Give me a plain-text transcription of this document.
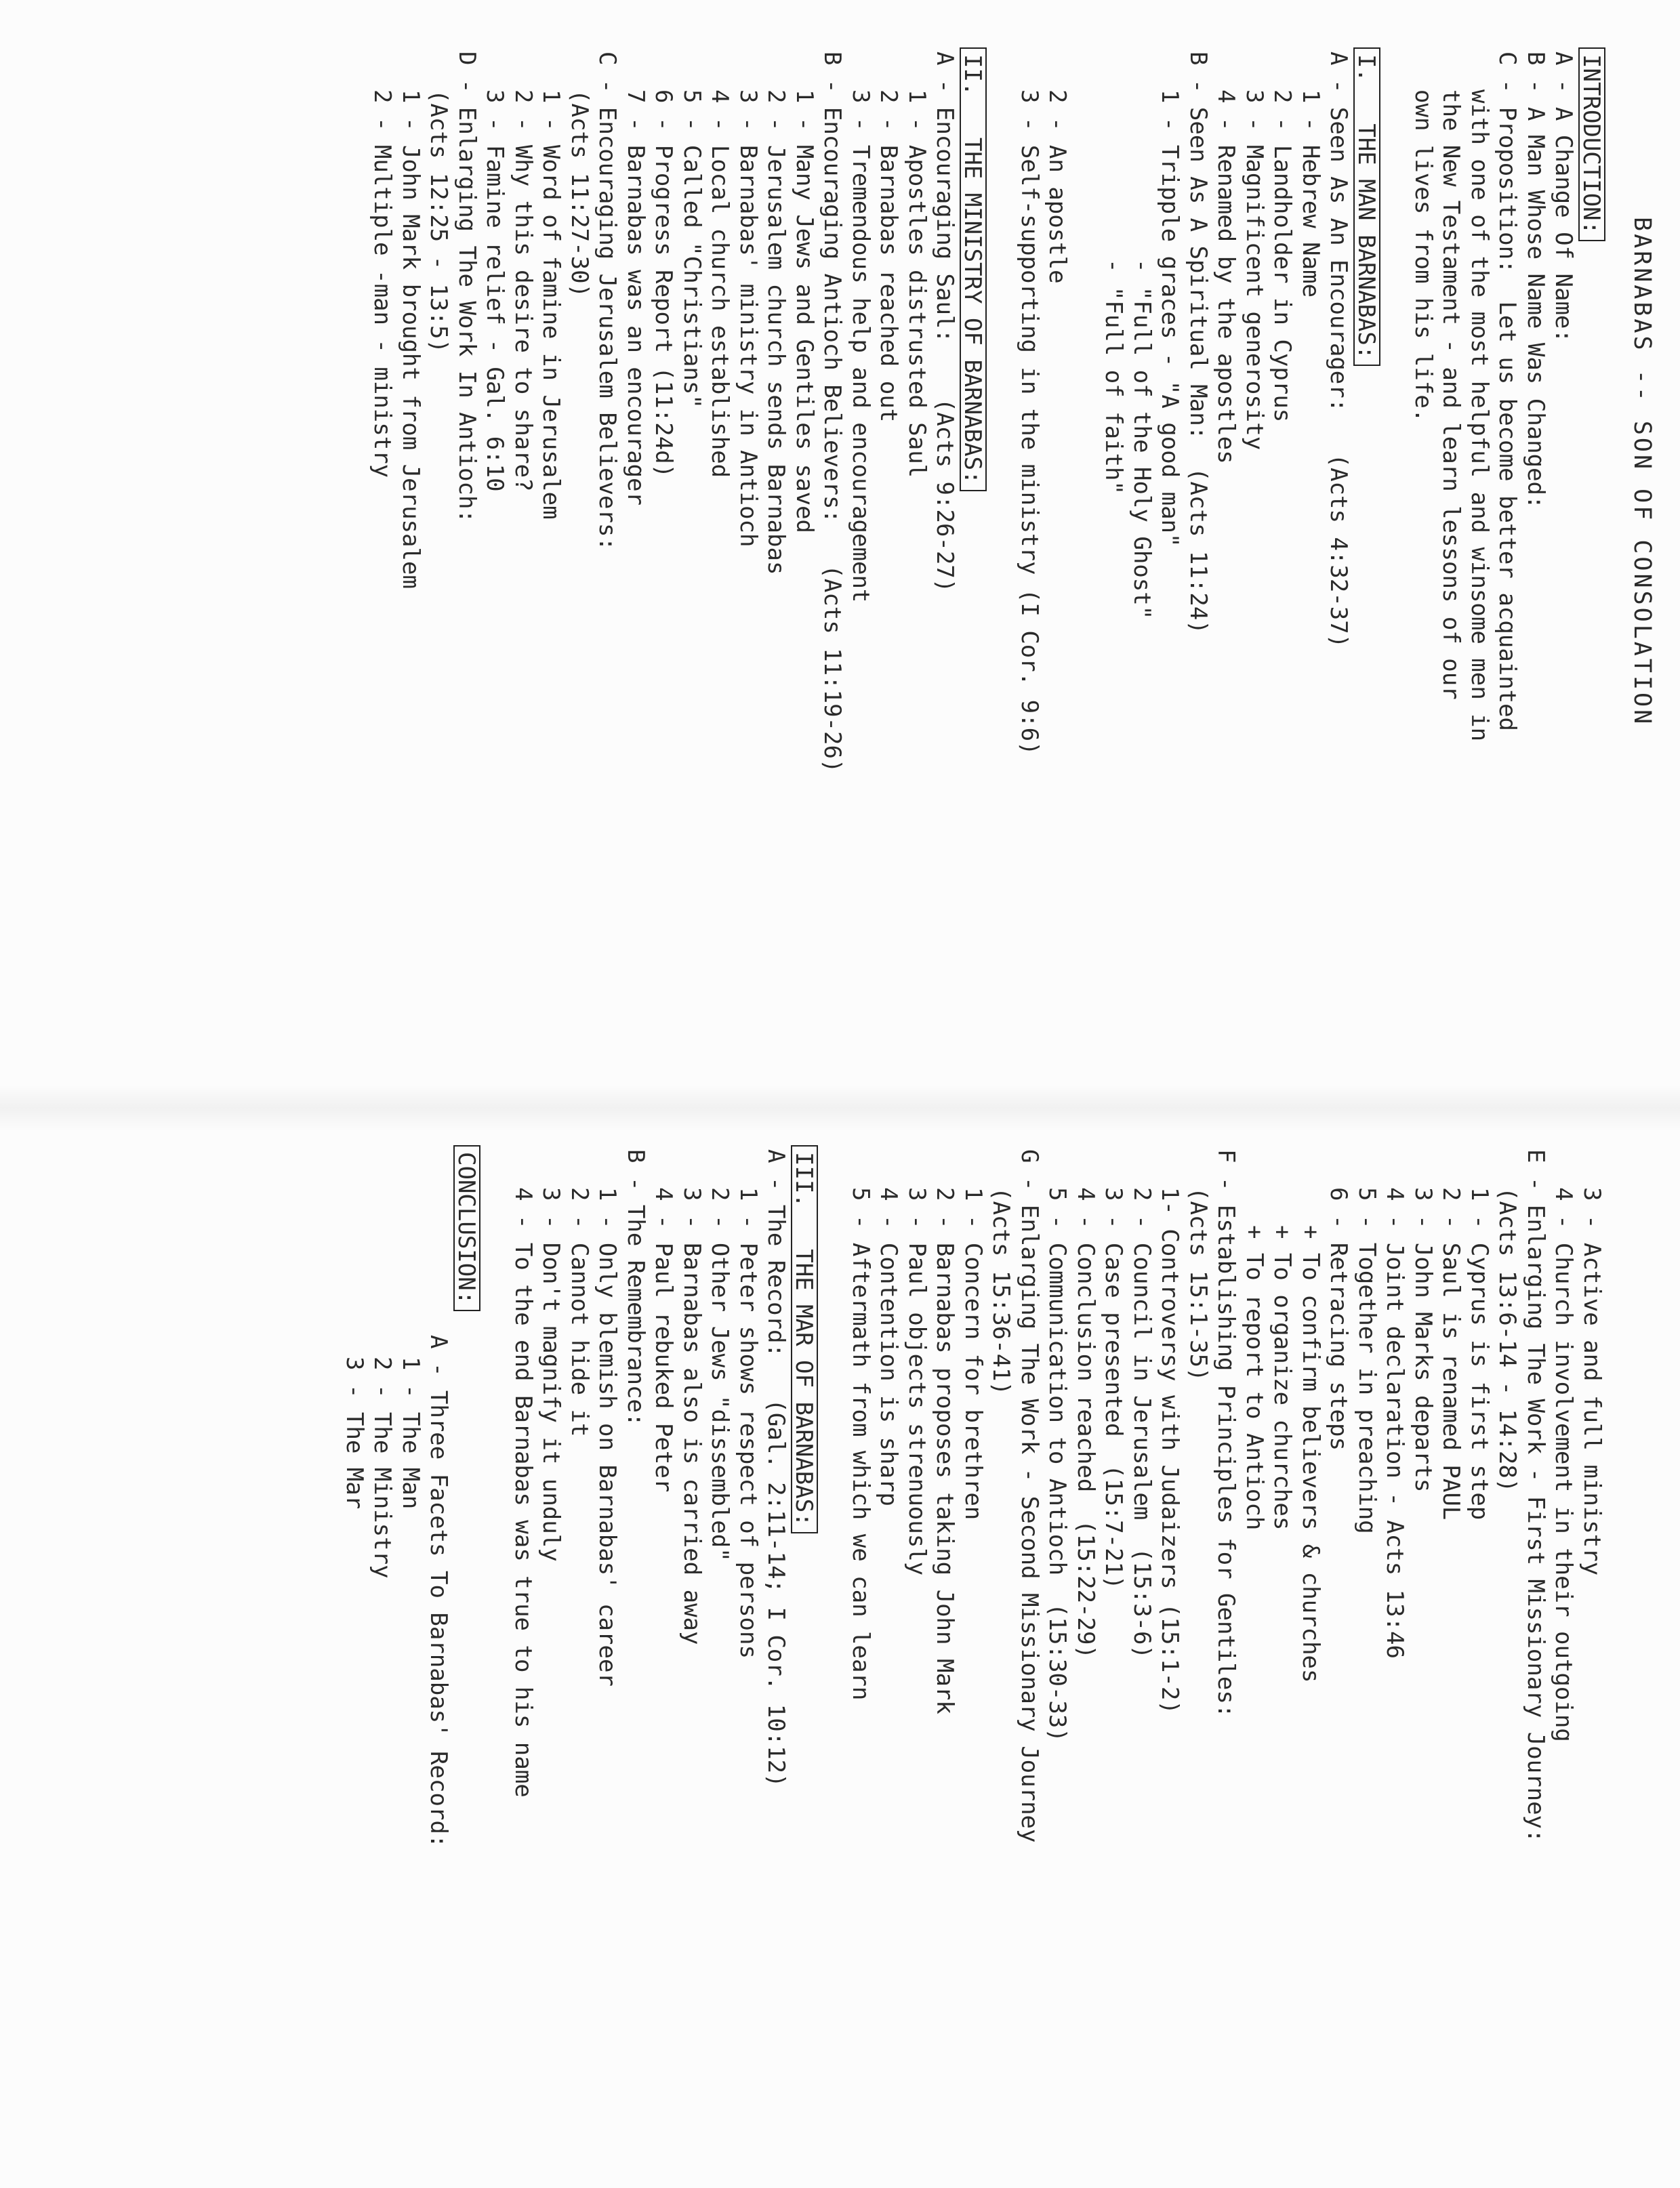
BARNABAS -- SON OF CONSOLATION
INTRODUCTION:
A - A Change Of Name:
B - A Man Whose Name Was Changed:
C - Proposition:  Let us become better acquainted
with one of the most helpful and winsome men in
the New Testament - and learn lessons of our
own lives from his life.
I.   THE MAN BARNABAS:
A - Seen As An Encourager:   (Acts 4:32-37)
1 - Hebrew Name
2 - Landholder in Cyprus
3 - Magnificent generosity
4 - Renamed by the apostles
B - Seen As A Spiritual Man:  (Acts 11:24)
1 - Tripple graces - "A good man"
- "Full of the Holy Ghost"
- "Full of faith"
2 - An apostle
3 - Self-supporting in the ministry (I Cor. 9:6)
II.   THE MINISTRY OF BARNABAS:
A - Encouraging Saul:    (Acts 9:26-27)
1 - Apostles distrusted Saul
2 - Barnabas reached out
3 - Tremendous help and encouragement
B - Encouraging Antioch Believers:   (Acts 11:19-26)
1 - Many Jews and Gentiles saved
2 - Jerusalem church sends Barnabas
3 - Barnabas' ministry in Antioch
4 - Local church established
5 - Called "Christians"
6 - Progress Report (11:24d)
7 - Barnabas was an encourager
C - Encouraging Jerusalem Believers:
(Acts 11:27-30)
1 - Word of famine in Jerusalem
2 - Why this desire to share?
3 - Famine relief - Gal. 6:10
D - Enlarging The Work In Antioch:
(Acts 12:25 - 13:5)
1 - John Mark brought from Jerusalem
2 - Multiple -man - ministry
3 - Active and full ministry
4 - Church involvement in their outgoing
E - Enlarging The Work - First Missionary Journey:
(Acts 13:6-14 - 14:28)
1 - Cyprus is first step
2 - Saul is renamed PAUL
3 - John Marks departs
4 - Joint declaration - Acts 13:46
5 - Together in preaching
6 - Retracing steps
+ To confirm believers & churches
+ To organize churches
+ To report to Antioch
F - Establishing Principles for Gentiles:
(Acts 15:1-35)
1- Controversy with Judaizers (15:1-2)
2 - Council in Jerusalem  (15:3-6)
3 - Case presented  (15:7-21)
4 - Conclusion reached  (15:22-29)
5 - Communication to Antioch  (15:30-33)
G - Enlarging The Work - Second Missionary Journey
(Acts 15:36-41)
1 - Concern for brethren
2 - Barnabas proposes taking John Mark
3 - Paul objects strenuously
4 - Contention is sharp
5 - Aftermath from which we can learn
III.   THE MAR OF BARNABAS:
A - The Record:   (Gal. 2:11-14; I Cor. 10:12)
1 - Peter shows respect of persons
2 - Other Jews "dissembled"
3 - Barnabas also is carried away
4 - Paul rebuked Peter
B - The Remembrance:
1 - Only blemish on Barnabas' career
2 - Cannot hide it
3 - Don't magnify it unduly
4 - To the end Barnabas was true to his name
CONCLUSION:
A - Three Facets To Barnabas' Record:
1 - The Man
2 - The Ministry
3 - The Mar
